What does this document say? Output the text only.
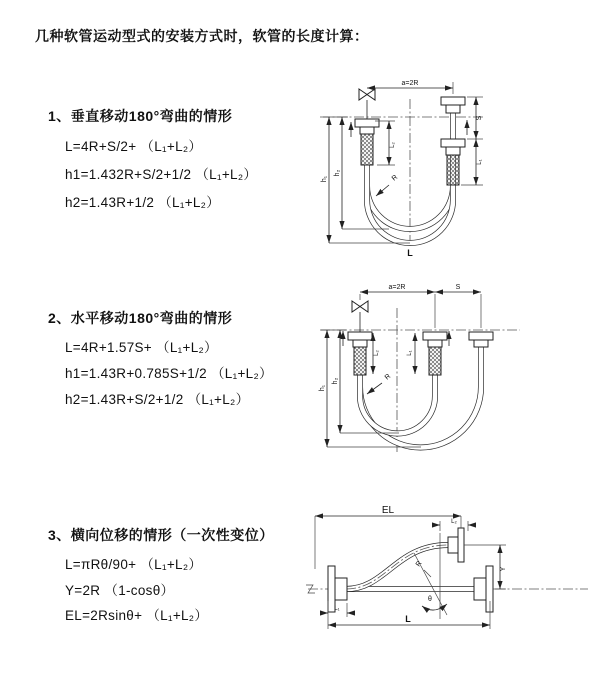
几种软管运动型式的安装方式时，软管的长度计算：
1、垂直移动180°弯曲的情形
L=4R+S/2+ （L₁+L₂）
h1=1.432R+S/2+1/2 （L₁+L₂）
h2=1.43R+1/2 （L₁+L₂）
a=2R
L₂
h₁
h₂
S
L₁
R
L
2、水平移动180°弯曲的情形
L=4R+1.57S+ （L₁+L₂）
h1=1.43R+0.785S+1/2 （L₁+L₂）
h2=1.43R+S/2+1/2 （L₁+L₂）
a=2R	S
L₂	L₁
h₁
h₂	R
3、横向位移的情形（一次性变位）
L=πRθ/90+ （L₁+L₂）
Y=2R （1-cosθ）
EL=2Rsinθ+ （L₁+L₂）
EL
L₂
Y
θ
R
L₁
L
